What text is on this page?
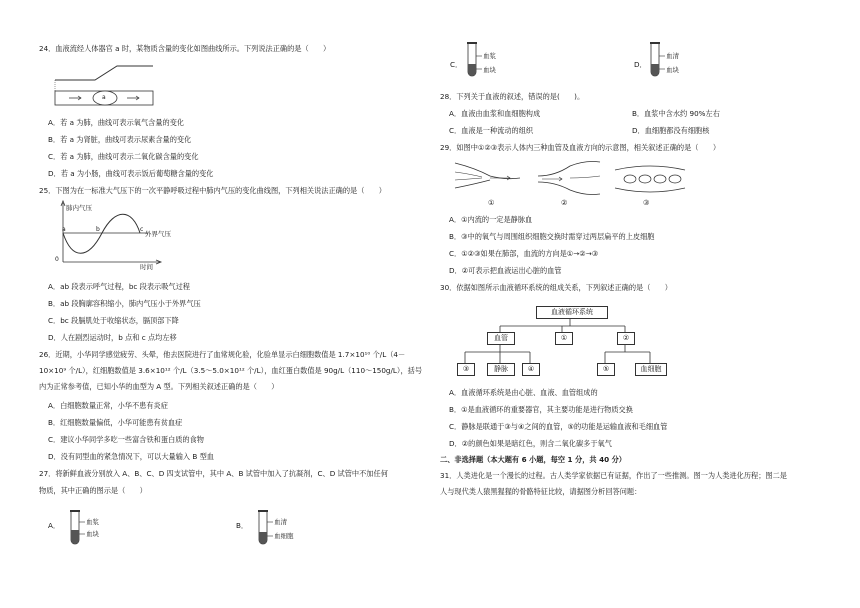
24．血液流经人体器官 a 时，某物质含量的变化如图曲线所示。下列说法正确的是（　　）
a
A．若 a 为肺，曲线可表示氧气含量的变化
B．若 a 为肾脏，曲线可表示尿素含量的变化
C．若 a 为肺，曲线可表示二氧化碳含量的变化
D．若 a 为小肠，曲线可表示饭后葡萄糖含量的变化
25．下图为在一标准大气压下的一次平静呼吸过程中肺内气压的变化曲线图，下列相关说法正确的是（　　）
肺内气压
a	b	c
外界气压
0
时间
A．ab 段表示呼气过程，bc 段表示吸气过程
B．ab 段胸廓容积缩小，肺内气压小于外界气压
C．bc 段膈肌处于收缩状态，膈顶部下降
D．人在剧烈运动时，b 点和 c 点均左移
26．近期，小华同学感觉疲劳、头晕，他去医院进行了血常规化验，化验单显示白细胞数值是 1.7×10¹⁰ 个/L（4－
10×10⁹ 个/L），红细胞数值是 3.6×10¹² 个/L（3.5～5.0×10¹² 个/L），血红蛋白数值是 90g/L（110～150g/L），括号
内为正常参考值，已知小华的血型为 A 型。下列相关叙述正确的是（　　）
A．白细胞数量正常，小华不患有炎症
B．红细胞数量偏低，小华可能患有贫血症
C．建议小华同学多吃一些富含铁和蛋白质的食物
D．没有同型血的紧急情况下，可以大量输入 B 型血
27．将新鲜血液分别放入 A、B、C、D 四支试管中，其中 A、B 试管中加入了抗凝剂，C、D 试管中不加任何
物质，其中正确的图示是（　　）
A．	血浆
血块
B．	血清
血细胞
C．
血浆
血块
D．
血清
血块
28．下列关于血液的叙述，错误的是(　　)。
A．血液由血浆和血细胞构成	B．血浆中含水约 90%左右
C．血液是一种流动的组织	D．血细胞都没有细胞核
29．如图中①②③表示人体内三种血管及血液方向的示意图，相关叙述正确的是（　　）
①	②	③
A．①内流的一定是静脉血
B．③中的氧气与周围组织细胞交换时需穿过两层扁平的上皮细胞
C．①②③如果在肺部，血流的方向是①→②→③
D．②可表示把血液运出心脏的血管
30．依据如图所示血液循环系统的组成关系，下列叙述正确的是（　　）
血液循环系统
血管	①	②
③	静脉	④	⑤	血细胞
A．血液循环系统是由心脏、血液、血管组成的
B．①是血液循环的重要器官，其主要功能是进行物质交换
C．静脉是联通于③与④之间的血管，⑤的功能是运输血液和毛细血管
D．②的颜色如果是暗红色，则含二氧化碳多于氧气
二、非选择题（本大题有 6 小题，每空 1 分，共 40 分）
31．人类进化是一个漫长的过程。古人类学家依据已有证据，作出了一些推测。图一为人类进化历程；图二是
人与现代类人猿黑猩猩的骨骼特征比较，请据图分析回答问题：
